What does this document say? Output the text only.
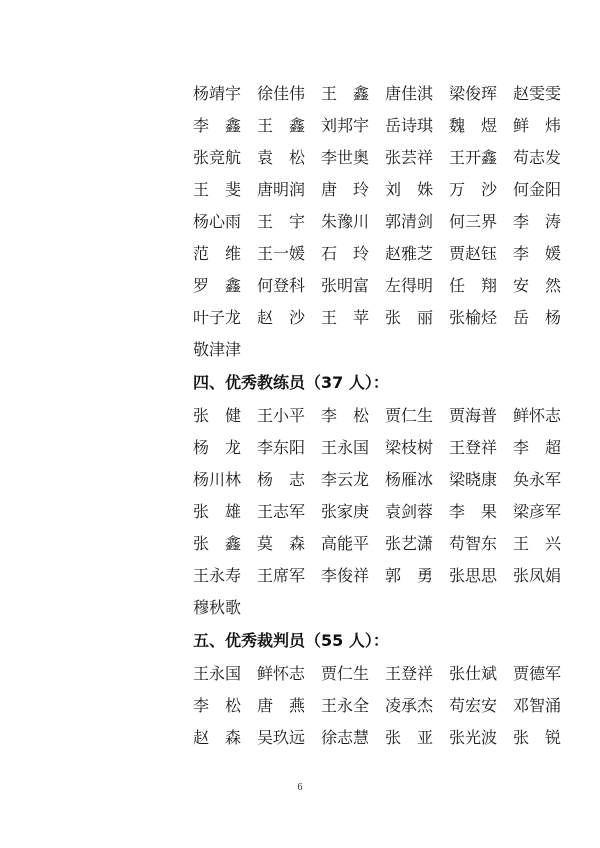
杨靖宇 徐佳伟 王　鑫 唐佳淇 梁俊珲 赵雯雯
李　鑫 王　鑫 刘邦宇 岳诗琪 魏　煜 鲜　炜
张竞航 袁　松 李世奥 张芸祥 王开鑫 苟志发
王　斐 唐明润 唐　玲 刘　姝 万　沙 何金阳
杨心雨 王　宇 朱豫川 郭清剑 何三界 李　涛
范　维 王一媛 石　玲 赵雅芝 贾赵钰 李　媛
罗　鑫 何登科 张明富 左得明 任　翔 安　然
叶子龙 赵　沙 王　苹 张　丽 张榆烃 岳　杨
敬津津
四、优秀教练员（37 人）：
张　健 王小平 李　松 贾仁生 贾海普 鲜怀志
杨　龙 李东阳 王永国 梁枝树 王登祥 李　超
杨川林 杨　志 李云龙 杨雁冰 梁晓康 奂永军
张　雄 王志军 张家庚 袁剑蓉 李　果 梁彦军
张　鑫 莫　森 高能平 张艺潇 苟智东 王　兴
王永寿 王席军 李俊祥 郭　勇 张思思 张凤娟
穆秋歌
五、优秀裁判员（55 人）：
王永国 鲜怀志 贾仁生 王登祥 张仕斌 贾德军
李　松 唐　燕 王永全 凌承杰 苟宏安 邓智涌
赵　森 吴玖远 徐志慧 张　亚 张光波 张　锐
6
